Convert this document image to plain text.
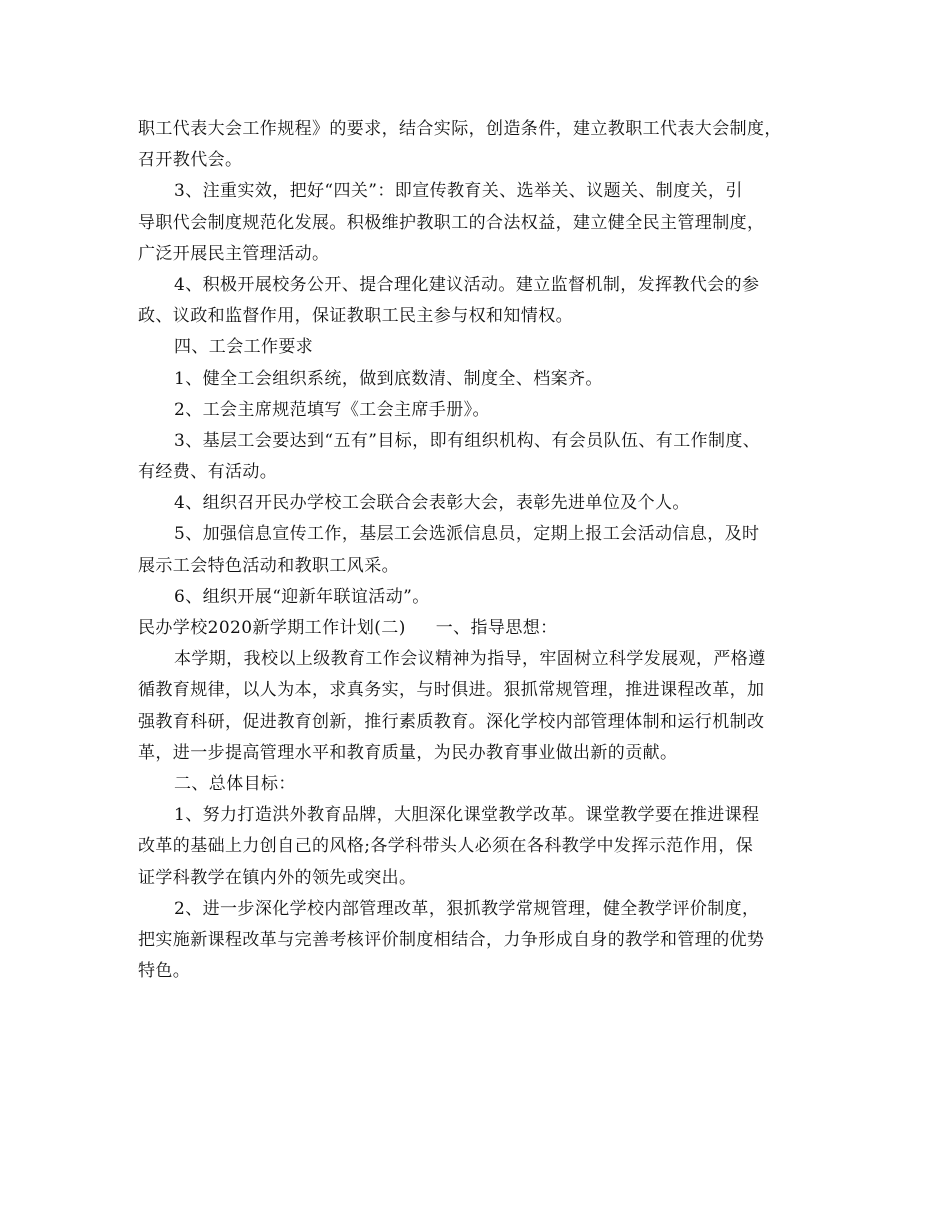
职工代表大会工作规程》的要求，结合实际，创造条件，建立教职工代表大会制度，
召开教代会。
3、注重实效，把好“四关”：即宣传教育关、选举关、议题关、制度关，引
导职代会制度规范化发展。积极维护教职工的合法权益，建立健全民主管理制度，
广泛开展民主管理活动。
4、积极开展校务公开、提合理化建议活动。建立监督机制，发挥教代会的参
政、议政和监督作用，保证教职工民主参与权和知情权。
四、工会工作要求
1、健全工会组织系统，做到底数清、制度全、档案齐。
2、工会主席规范填写《工会主席手册》。
3、基层工会要达到“五有”目标，即有组织机构、有会员队伍、有工作制度、
有经费、有活动。
4、组织召开民办学校工会联合会表彰大会，表彰先进单位及个人。
5、加强信息宣传工作，基层工会选派信息员，定期上报工会活动信息，及时
展示工会特色活动和教职工风采。
6、组织开展“迎新年联谊活动”。
民办学校2020新学期工作计划(二) 一、指导思想：
本学期，我校以上级教育工作会议精神为指导，牢固树立科学发展观，严格遵
循教育规律，以人为本，求真务实，与时俱进。狠抓常规管理，推进课程改革，加
强教育科研，促进教育创新，推行素质教育。深化学校内部管理体制和运行机制改
革，进一步提高管理水平和教育质量，为民办教育事业做出新的贡献。
二、总体目标：
1、努力打造洪外教育品牌，大胆深化课堂教学改革。课堂教学要在推进课程
改革的基础上力创自己的风格;各学科带头人必须在各科教学中发挥示范作用，保
证学科教学在镇内外的领先或突出。
2、进一步深化学校内部管理改革，狠抓教学常规管理，健全教学评价制度，
把实施新课程改革与完善考核评价制度相结合，力争形成自身的教学和管理的优势
特色。
